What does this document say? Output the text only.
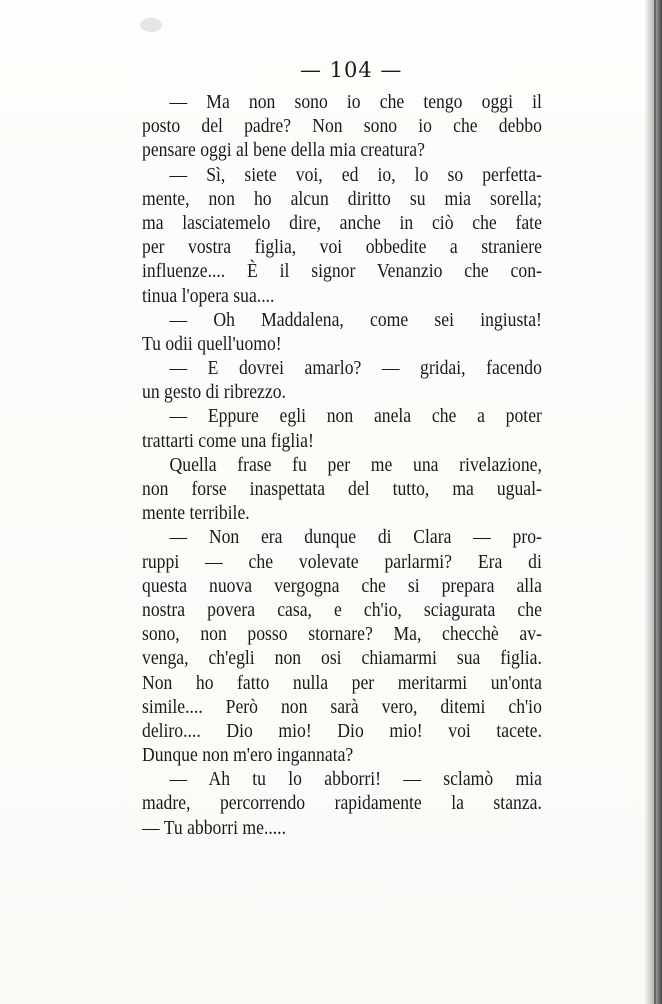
— 104 —
— Ma non sono io che tengo oggi il
posto del padre? Non sono io che debbo
pensare oggi al bene della mia creatura?
— Sì, siete voi, ed io, lo so perfetta-
mente, non ho alcun diritto su mia sorella;
ma lasciatemelo dire, anche in ciò che fate
per vostra figlia, voi obbedite a straniere
influenze.... È il signor Venanzio che con-
tinua l'opera sua....
— Oh Maddalena, come sei ingiusta!
Tu odii quell'uomo!
— E dovrei amarlo? — gridai, facendo
un gesto di ribrezzo.
— Eppure egli non anela che a poter
trattarti come una figlia!
Quella frase fu per me una rivelazione,
non forse inaspettata del tutto, ma ugual-
mente terribile.
— Non era dunque di Clara — pro-
ruppi — che volevate parlarmi? Era di
questa nuova vergogna che si prepara alla
nostra povera casa, e ch'io, sciagurata che
sono, non posso stornare? Ma, checchè av-
venga, ch'egli non osi chiamarmi sua figlia.
Non ho fatto nulla per meritarmi un'onta
simile.... Però non sarà vero, ditemi ch'io
deliro.... Dio mio! Dio mio! voi tacete.
Dunque non m'ero ingannata?
— Ah tu lo abborri! — sclamò mia
madre, percorrendo rapidamente la stanza.
— Tu abborri me.....
